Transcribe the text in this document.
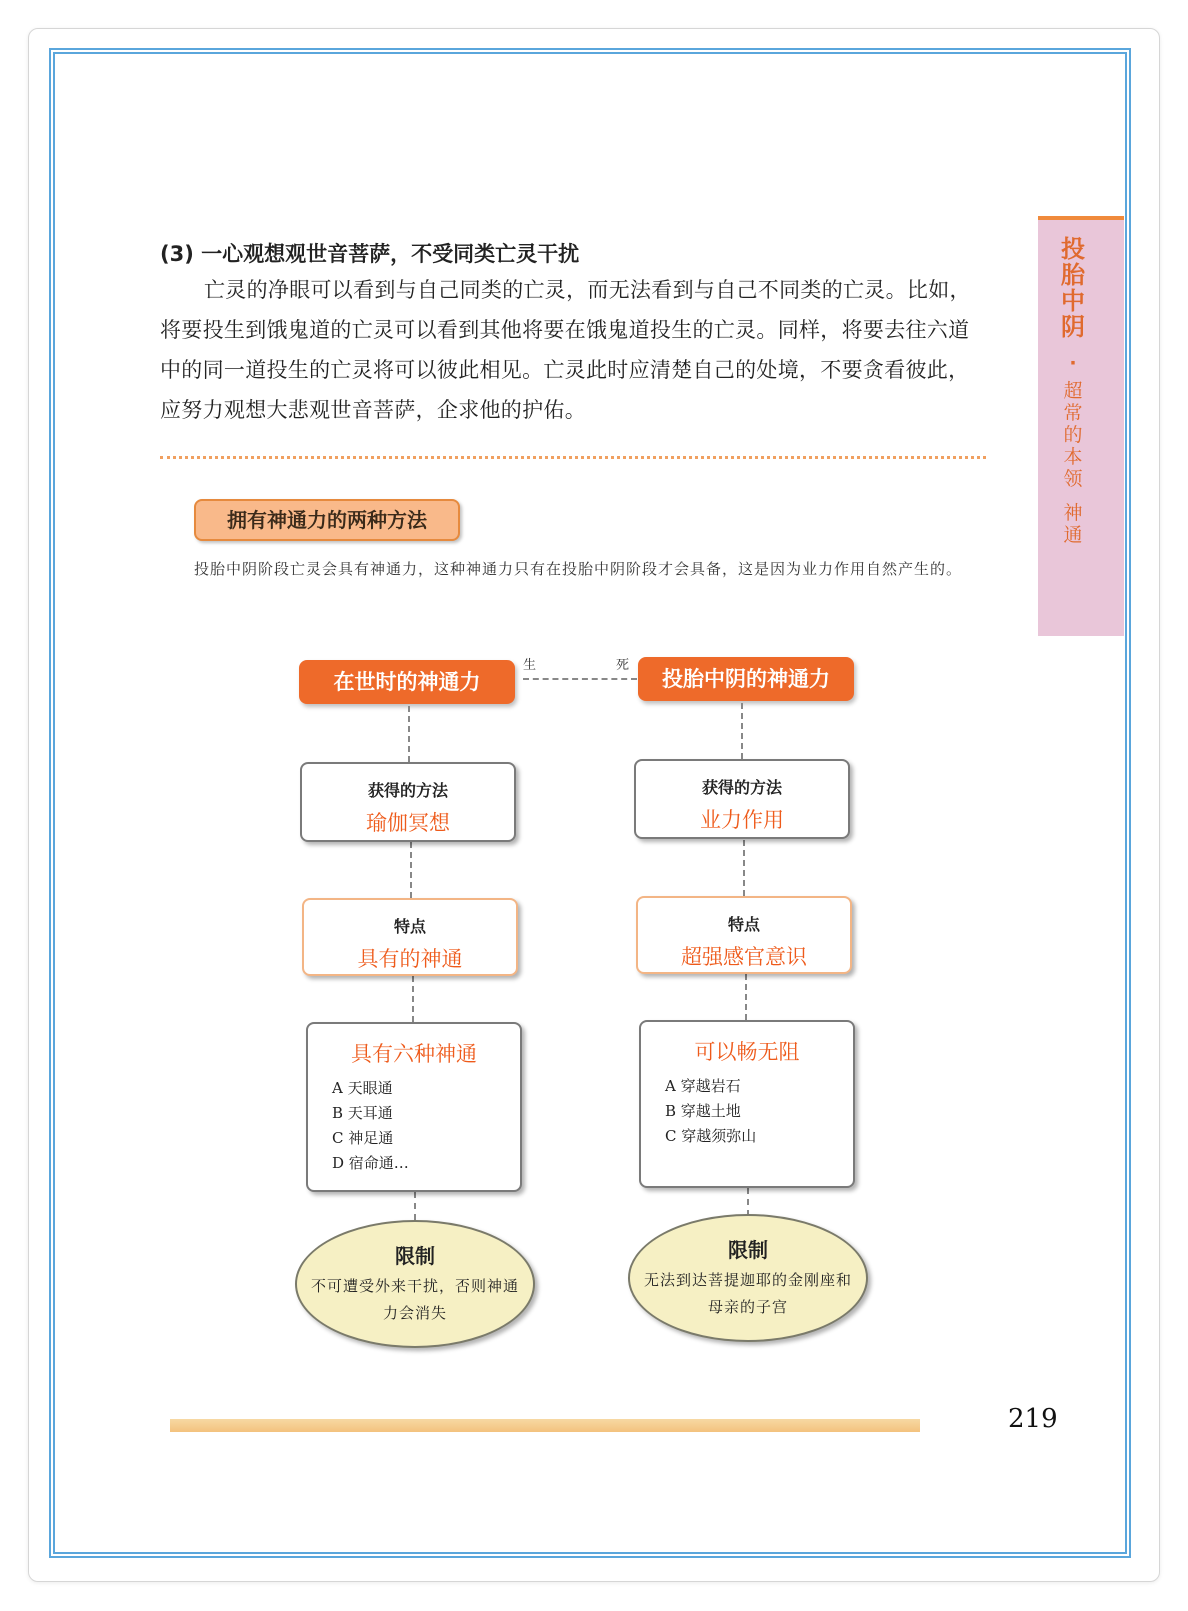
投胎中阴
·
超常的本领
神通
(3) 一心观想观世音菩萨，不受同类亡灵干扰
亡灵的净眼可以看到与自己同类的亡灵，而无法看到与自己不同类的亡灵。比如，将要投生到饿鬼道的亡灵可以看到其他将要在饿鬼道投生的亡灵。同样，将要去往六道中的同一道投生的亡灵将可以彼此相见。亡灵此时应清楚自己的处境，不要贪看彼此，应努力观想大悲观世音菩萨，企求他的护佑。
拥有神通力的两种方法
投胎中阴阶段亡灵会具有神通力，这种神通力只有在投胎中阴阶段才会具备，这是因为业力作用自然产生的。
在世时的神通力	投胎中阴的神通力
生	死
获得的方法
瑜伽冥想
特点
具有的神通
具有六种神通
A 天眼通
B 天耳通
C 神足通
D 宿命通…
限制
不可遭受外来干扰，否则神通力会消失
获得的方法
业力作用
特点
超强感官意识
可以畅无阻
A 穿越岩石
B 穿越土地
C 穿越须弥山
限制
无法到达菩提迦耶的金刚座和母亲的子宫
219
